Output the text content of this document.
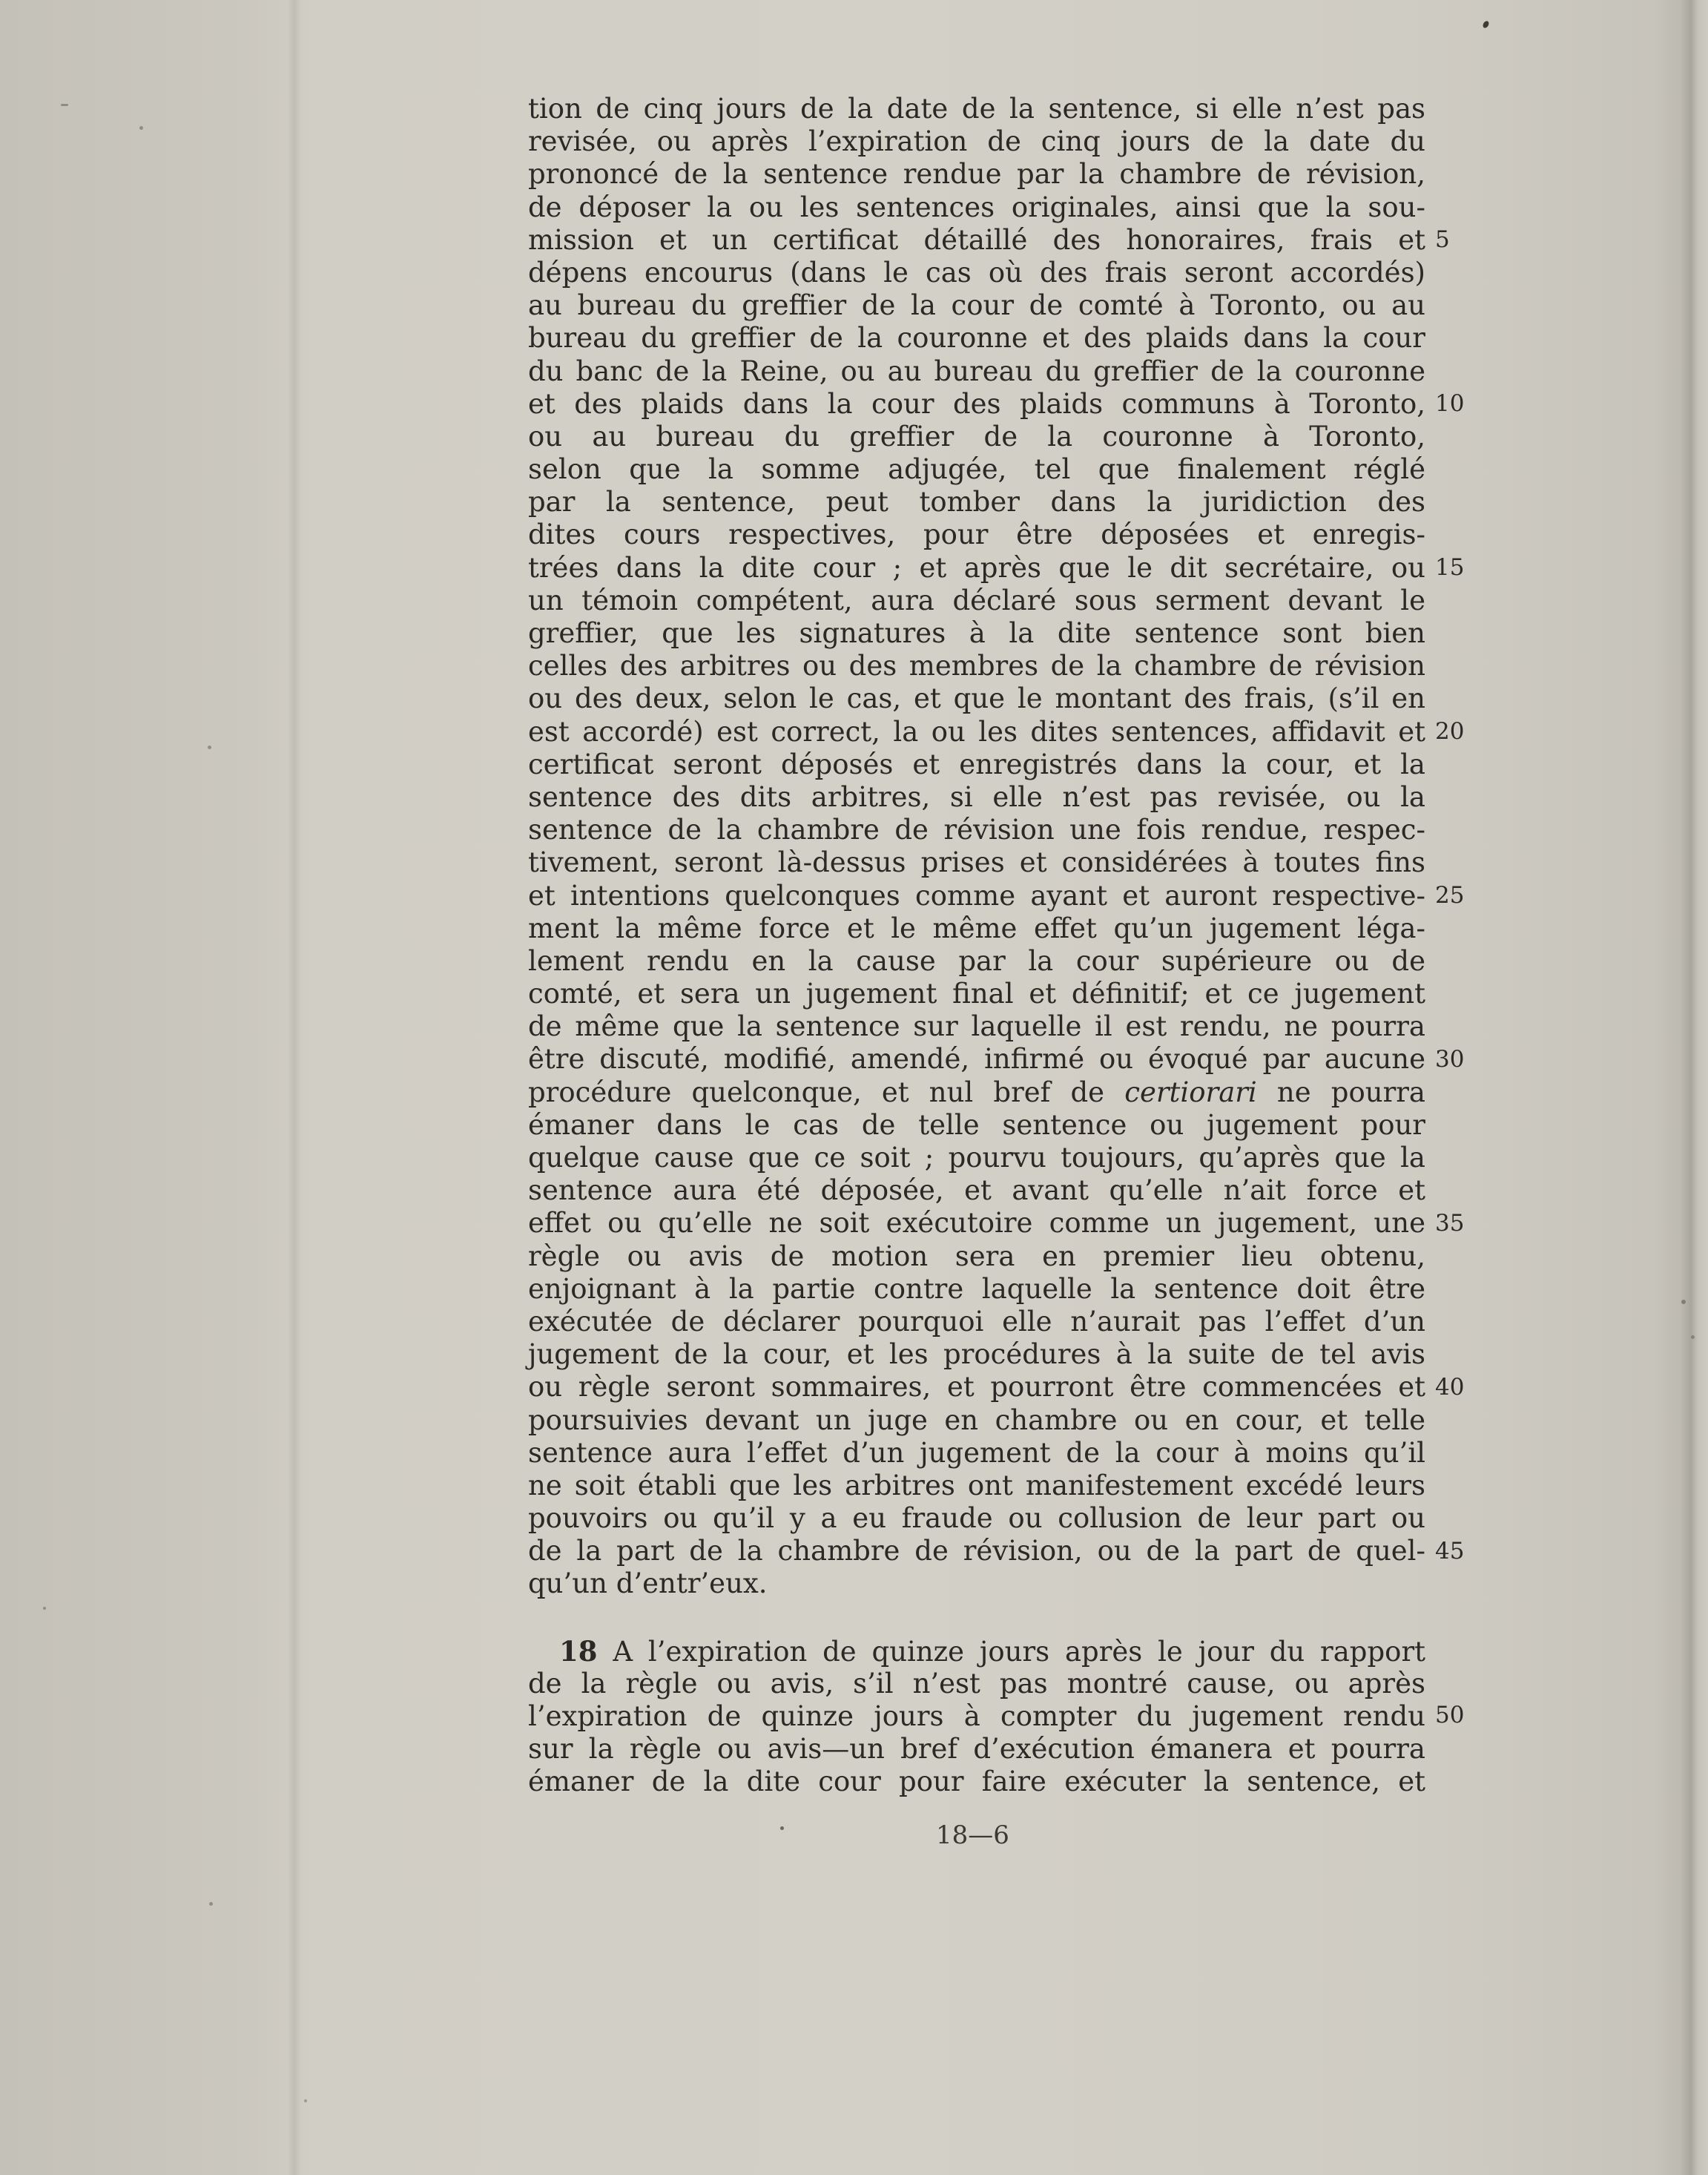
tion de cinq jours de la date de la sentence, si elle n’est pas
revisée, ou après l’expiration de cinq jours de la date du
prononcé de la sentence rendue par la chambre de révision,
de déposer la ou les sentences originales, ainsi que la sou-
mission et un certificat détaillé des honoraires, frais et
dépens encourus (dans le cas où des frais seront accordés)
au bureau du greffier de la cour de comté à Toronto, ou au
bureau du greffier de la couronne et des plaids dans la cour
du banc de la Reine, ou au bureau du greffier de la couronne
et des plaids dans la cour des plaids communs à Toronto,
ou au bureau du greffier de la couronne à Toronto,
selon que la somme adjugée, tel que finalement réglé
par la sentence, peut tomber dans la juridiction des
dites cours respectives, pour être déposées et enregis-
trées dans la dite cour ; et après que le dit secrétaire, ou
un témoin compétent, aura déclaré sous serment devant le
greffier, que les signatures à la dite sentence sont bien
celles des arbitres ou des membres de la chambre de révision
ou des deux, selon le cas, et que le montant des frais, (s’il en
est accordé) est correct, la ou les dites sentences, affidavit et
certificat seront déposés et enregistrés dans la cour, et la
sentence des dits arbitres, si elle n’est pas revisée, ou la
sentence de la chambre de révision une fois rendue, respec-
tivement, seront là-dessus prises et considérées à toutes fins
et intentions quelconques comme ayant et auront respective-
ment la même force et le même effet qu’un jugement léga-
lement rendu en la cause par la cour supérieure ou de
comté, et sera un jugement final et définitif; et ce jugement
de même que la sentence sur laquelle il est rendu, ne pourra
être discuté, modifié, amendé, infirmé ou évoqué par aucune
procédure quelconque, et nul bref de certiorari ne pourra
émaner dans le cas de telle sentence ou jugement pour
quelque cause que ce soit ; pourvu toujours, qu’après que la
sentence aura été déposée, et avant qu’elle n’ait force et
effet ou qu’elle ne soit exécutoire comme un jugement, une
règle ou avis de motion sera en premier lieu obtenu,
enjoignant à la partie contre laquelle la sentence doit être
exécutée de déclarer pourquoi elle n’aurait pas l’effet d’un
jugement de la cour, et les procédures à la suite de tel avis
ou règle seront sommaires, et pourront être commencées et
poursuivies devant un juge en chambre ou en cour, et telle
sentence aura l’effet d’un jugement de la cour à moins qu’il
ne soit établi que les arbitres ont manifestement excédé leurs
pouvoirs ou qu’il y a eu fraude ou collusion de leur part ou
de la part de la chambre de révision, ou de la part de quel-
qu’un d’entr’eux.
18 A l’expiration de quinze jours après le jour du rapport
de la règle ou avis, s’il n’est pas montré cause, ou après
l’expiration de quinze jours à compter du jugement rendu
sur la règle ou avis—un bref d’exécution émanera et pourra
émaner de la dite cour pour faire exécuter la sentence, et
5
10
15
20
25
30
35
40
45
50
18—6
